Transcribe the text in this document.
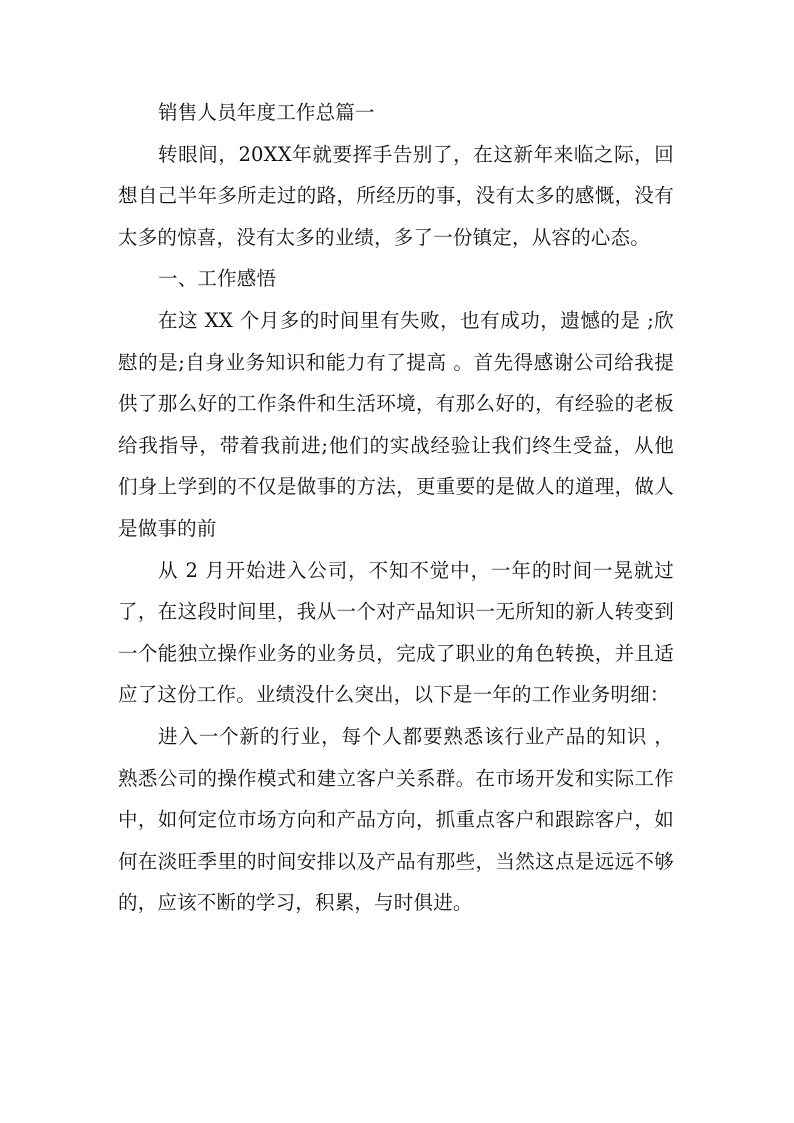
销售人员年度工作总篇一

转眼间，20XX年就要挥手告别了，在这新年来临之际，回想自己半年多所走过的路，所经历的事，没有太多的感慨，没有太多的惊喜，没有太多的业绩，多了一份镇定，从容的心态。

一、工作感悟

在这 XX 个月多的时间里有失败，也有成功，遗憾的是 ;欣慰的是;自身业务知识和能力有了提高 。首先得感谢公司给我提供了那么好的工作条件和生活环境，有那么好的，有经验的老板给我指导，带着我前进;他们的实战经验让我们终生受益，从他们身上学到的不仅是做事的方法，更重要的是做人的道理，做人是做事的前

从 2 月开始进入公司，不知不觉中，一年的时间一晃就过了，在这段时间里，我从一个对产品知识一无所知的新人转变到一个能独立操作业务的业务员，完成了职业的角色转换，并且适应了这份工作。业绩没什么突出，以下是一年的工作业务明细：

进入一个新的行业，每个人都要熟悉该行业产品的知识 ，熟悉公司的操作模式和建立客户关系群。在市场开发和实际工作中，如何定位市场方向和产品方向，抓重点客户和跟踪客户，如何在淡旺季里的时间安排以及产品有那些，当然这点是远远不够的，应该不断的学习，积累，与时俱进。
